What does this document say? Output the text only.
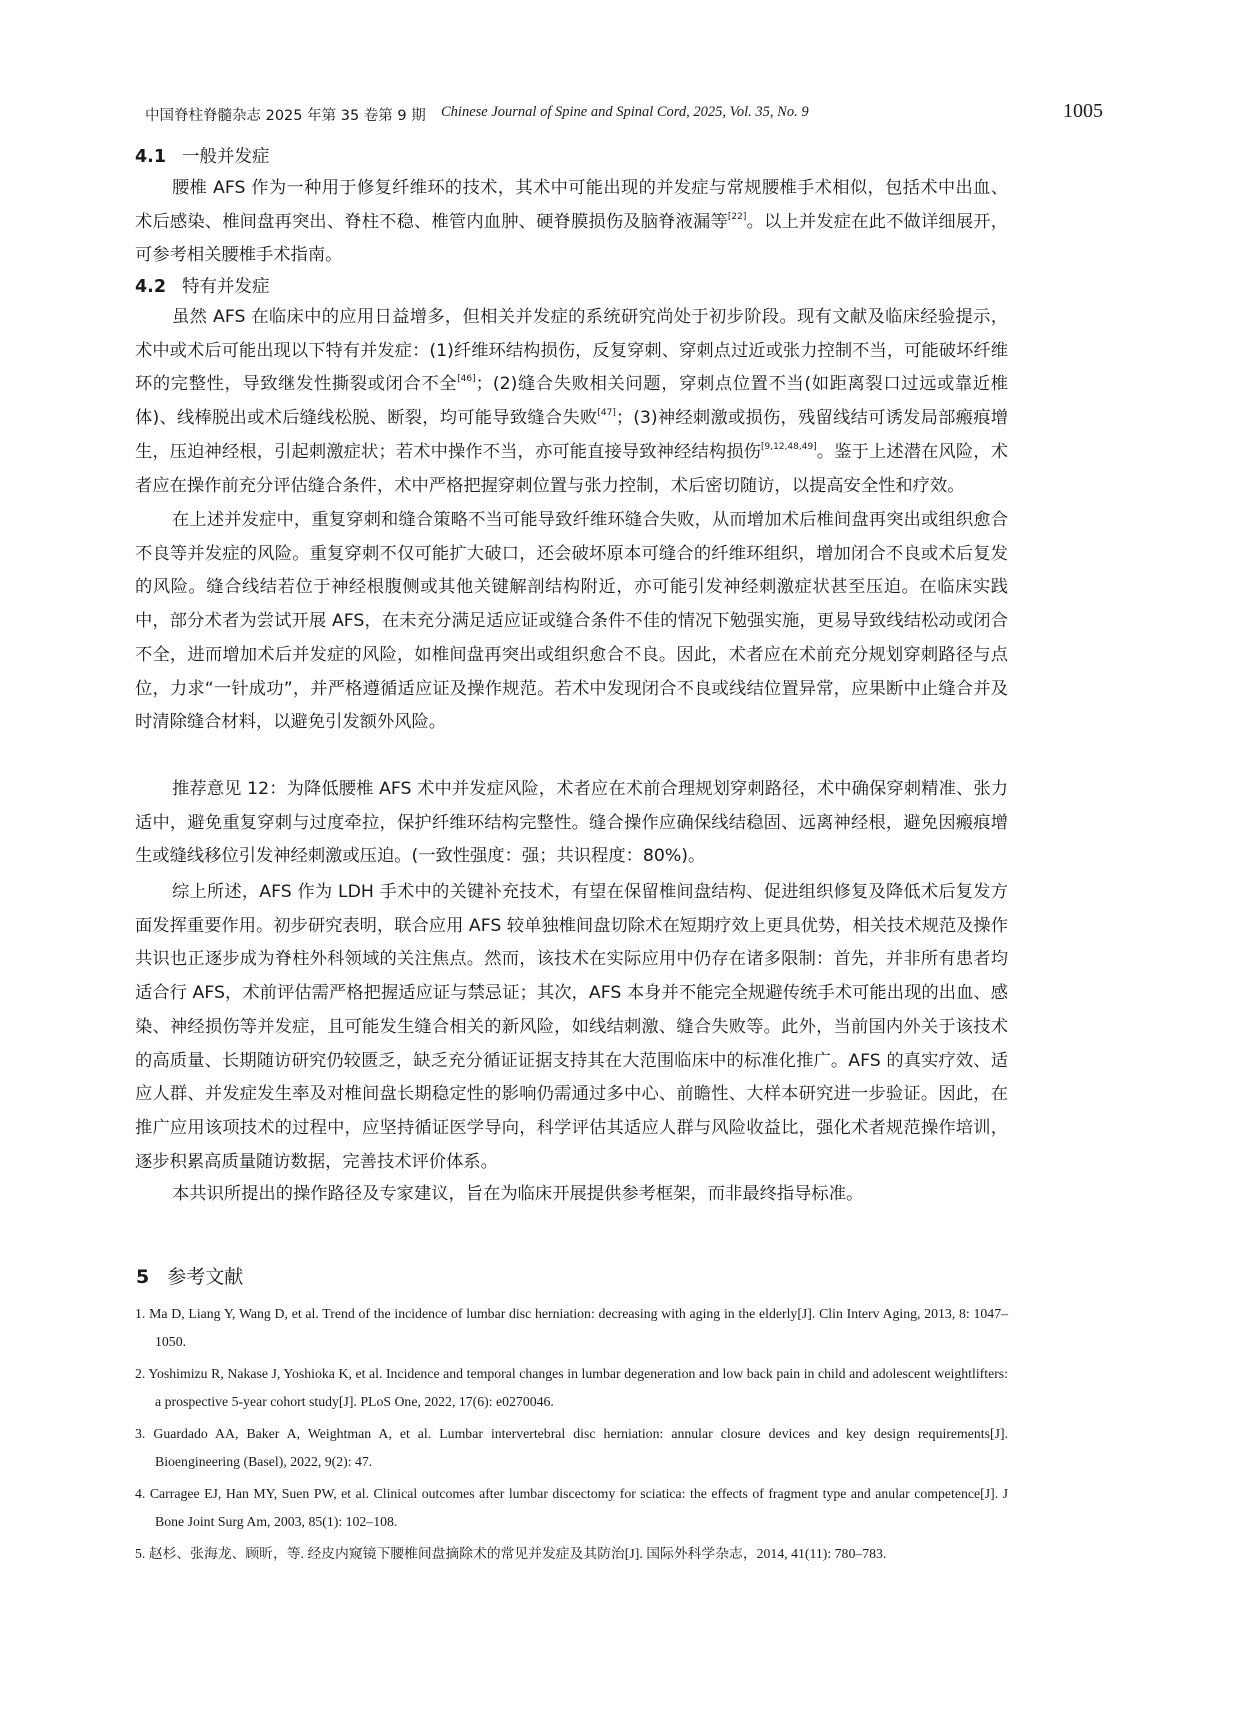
中国脊柱脊髓杂志 2025 年第 35 卷第 9 期 Chinese Journal of Spine and Spinal Cord, 2025, Vol. 35, No. 9	1005
4.1 一般并发症

腰椎 AFS 作为一种用于修复纤维环的技术，其术中可能出现的并发症与常规腰椎手术相似，包括术中出血、术后感染、椎间盘再突出、脊柱不稳、椎管内血肿、硬脊膜损伤及脑脊液漏等[22]。以上并发症在此不做详细展开，可参考相关腰椎手术指南。

4.2 特有并发症

虽然 AFS 在临床中的应用日益增多，但相关并发症的系统研究尚处于初步阶段。现有文献及临床经验提示，术中或术后可能出现以下特有并发症：(1)纤维环结构损伤，反复穿刺、穿刺点过近或张力控制不当，可能破坏纤维环的完整性，导致继发性撕裂或闭合不全[46]；(2)缝合失败相关问题，穿刺点位置不当(如距离裂口过远或靠近椎体)、线棒脱出或术后缝线松脱、断裂，均可能导致缝合失败[47]；(3)神经刺激或损伤，残留线结可诱发局部瘢痕增生，压迫神经根，引起刺激症状；若术中操作不当，亦可能直接导致神经结构损伤[9,12,48,49]。鉴于上述潜在风险，术者应在操作前充分评估缝合条件，术中严格把握穿刺位置与张力控制，术后密切随访，以提高安全性和疗效。

在上述并发症中，重复穿刺和缝合策略不当可能导致纤维环缝合失败，从而增加术后椎间盘再突出或组织愈合不良等并发症的风险。重复穿刺不仅可能扩大破口，还会破坏原本可缝合的纤维环组织，增加闭合不良或术后复发的风险。缝合线结若位于神经根腹侧或其他关键解剖结构附近，亦可能引发神经刺激症状甚至压迫。在临床实践中，部分术者为尝试开展 AFS，在未充分满足适应证或缝合条件不佳的情况下勉强实施，更易导致线结松动或闭合不全，进而增加术后并发症的风险，如椎间盘再突出或组织愈合不良。因此，术者应在术前充分规划穿刺路径与点位，力求“一针成功”，并严格遵循适应证及操作规范。若术中发现闭合不良或线结位置异常，应果断中止缝合并及时清除缝合材料，以避免引发额外风险。

推荐意见 12：为降低腰椎 AFS 术中并发症风险，术者应在术前合理规划穿刺路径，术中确保穿刺精准、张力适中，避免重复穿刺与过度牵拉，保护纤维环结构完整性。缝合操作应确保线结稳固、远离神经根，避免因瘢痕增生或缝线移位引发神经刺激或压迫。(一致性强度：强；共识程度：80%)。

综上所述，AFS 作为 LDH 手术中的关键补充技术，有望在保留椎间盘结构、促进组织修复及降低术后复发方面发挥重要作用。初步研究表明，联合应用 AFS 较单独椎间盘切除术在短期疗效上更具优势，相关技术规范及操作共识也正逐步成为脊柱外科领域的关注焦点。然而，该技术在实际应用中仍存在诸多限制：首先，并非所有患者均适合行 AFS，术前评估需严格把握适应证与禁忌证；其次，AFS 本身并不能完全规避传统手术可能出现的出血、感染、神经损伤等并发症，且可能发生缝合相关的新风险，如线结刺激、缝合失败等。此外，当前国内外关于该技术的高质量、长期随访研究仍较匮乏，缺乏充分循证证据支持其在大范围临床中的标准化推广。AFS 的真实疗效、适应人群、并发症发生率及对椎间盘长期稳定性的影响仍需通过多中心、前瞻性、大样本研究进一步验证。因此，在推广应用该项技术的过程中，应坚持循证医学导向，科学评估其适应人群与风险收益比，强化术者规范操作培训，逐步积累高质量随访数据，完善技术评价体系。

本共识所提出的操作路径及专家建议，旨在为临床开展提供参考框架，而非最终指导标准。

5 参考文献
1. Ma D, Liang Y, Wang D, et al. Trend of the incidence of lumbar disc herniation: decreasing with aging in the elderly[J]. Clin Interv Aging, 2013, 8: 1047–1050.
2. Yoshimizu R, Nakase J, Yoshioka K, et al. Incidence and temporal changes in lumbar degeneration and low back pain in child and adolescent weightlifters: a prospective 5-year cohort study[J]. PLoS One, 2022, 17(6): e0270046.
3. Guardado AA, Baker A, Weightman A, et al. Lumbar intervertebral disc herniation: annular closure devices and key design requirements[J]. Bioengineering (Basel), 2022, 9(2): 47.
4. Carragee EJ, Han MY, Suen PW, et al. Clinical outcomes after lumbar discectomy for sciatica: the effects of fragment type and anular competence[J]. J Bone Joint Surg Am, 2003, 85(1): 102–108.
5. 赵杉、张海龙、顾昕，等. 经皮内窥镜下腰椎间盘摘除术的常见并发症及其防治[J]. 国际外科学杂志，2014, 41(11): 780–783.
